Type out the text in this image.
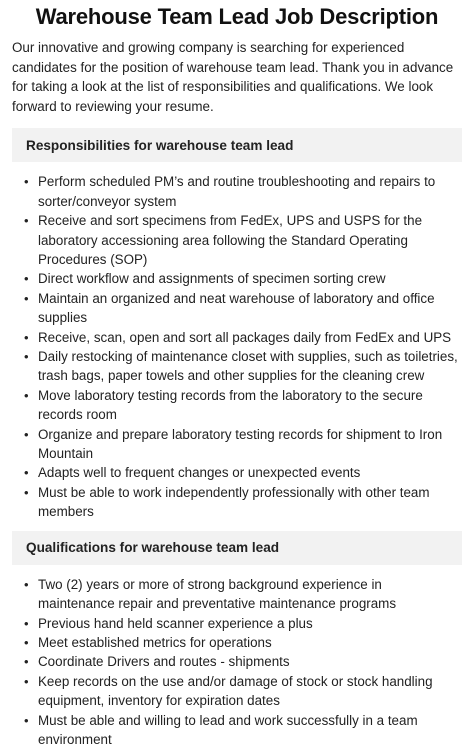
Warehouse Team Lead Job Description

Our innovative and growing company is searching for experienced candidates for the position of warehouse team lead. Thank you in advance for taking a look at the list of responsibilities and qualifications. We look forward to reviewing your resume.

Responsibilities for warehouse team lead
• Perform scheduled PM’s and routine troubleshooting and repairs to sorter/conveyor system
• Receive and sort specimens from FedEx, UPS and USPS for the laboratory accessioning area following the Standard Operating Procedures (SOP)
• Direct workflow and assignments of specimen sorting crew
• Maintain an organized and neat warehouse of laboratory and office supplies
• Receive, scan, open and sort all packages daily from FedEx and UPS
• Daily restocking of maintenance closet with supplies, such as toiletries, trash bags, paper towels and other supplies for the cleaning crew
• Move laboratory testing records from the laboratory to the secure records room
• Organize and prepare laboratory testing records for shipment to Iron Mountain
• Adapts well to frequent changes or unexpected events
• Must be able to work independently professionally with other team members
Qualifications for warehouse team lead
• Two (2) years or more of strong background experience in maintenance repair and preventative maintenance programs
• Previous hand held scanner experience a plus
• Meet established metrics for operations
• Coordinate Drivers and routes - shipments
• Keep records on the use and/or damage of stock or stock handling equipment, inventory for expiration dates
• Must be able and willing to lead and work successfully in a team environment
